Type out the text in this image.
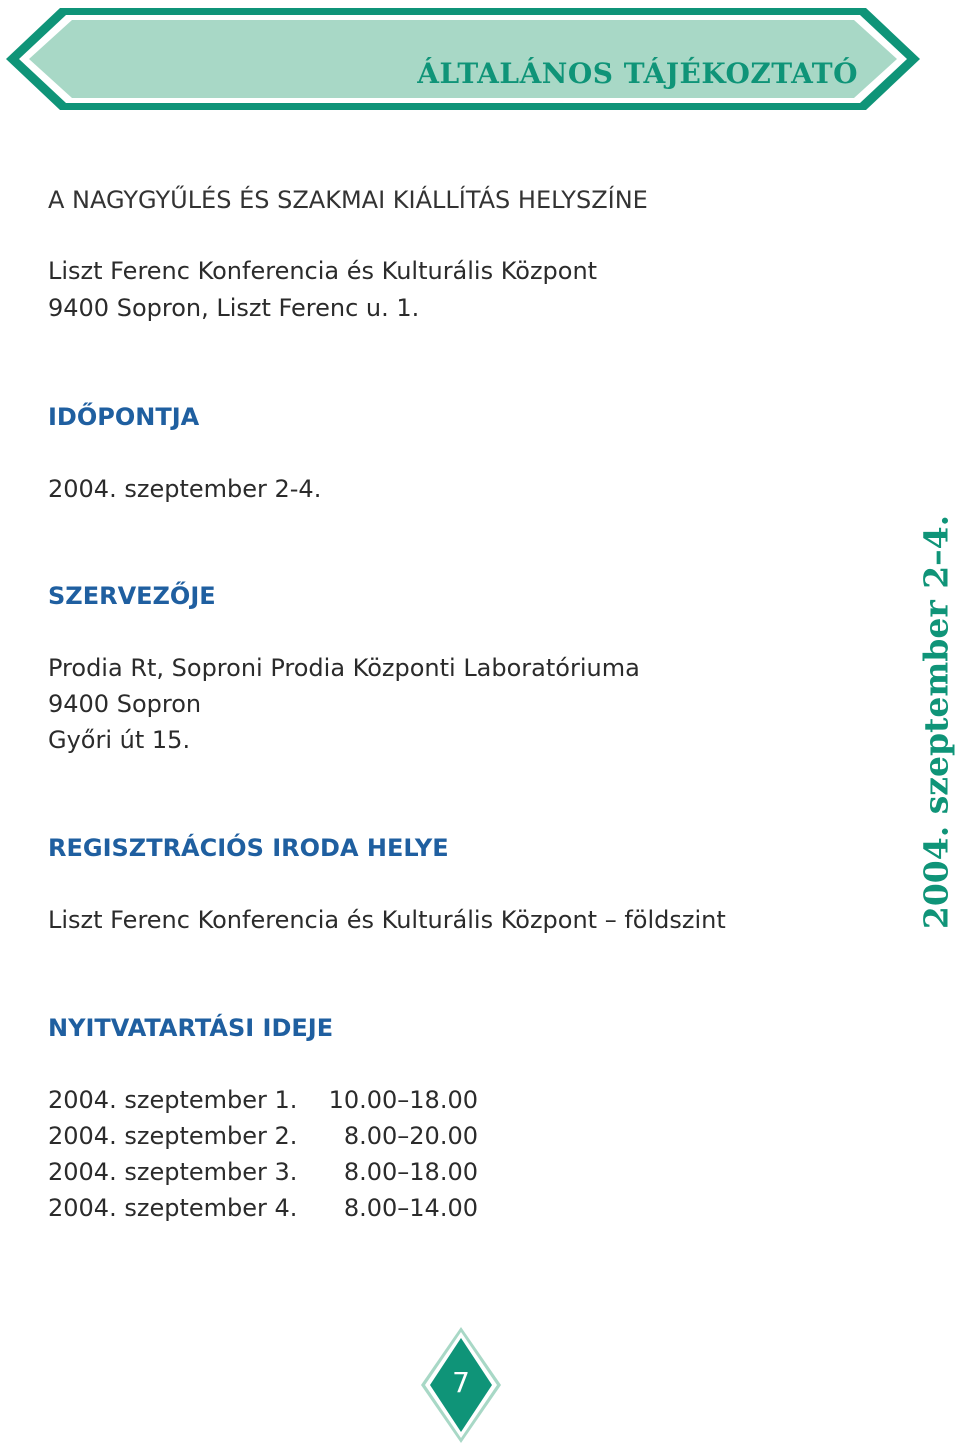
ÁLTALÁNOS TÁJÉKOZTATÓ
A NAGYGYŰLÉS ÉS SZAKMAI KIÁLLÍTÁS HELYSZÍNE
Liszt Ferenc Konferencia és Kulturális Központ
9400 Sopron, Liszt Ferenc u. 1.
IDŐPONTJA
2004. szeptember 2-4.
SZERVEZŐJE
Prodia Rt, Soproni Prodia Központi Laboratóriuma
9400 Sopron
Győri út 15.
REGISZTRÁCIÓS IRODA HELYE
Liszt Ferenc Konferencia és Kulturális Központ – földszint
NYITVATARTÁSI IDEJE
2004. szeptember 1.	10.00–18.00
2004. szeptember 2.	8.00–20.00
2004. szeptember 3.	8.00–18.00
2004. szeptember 4.	8.00–14.00
2004. szeptember 2–4.
7
